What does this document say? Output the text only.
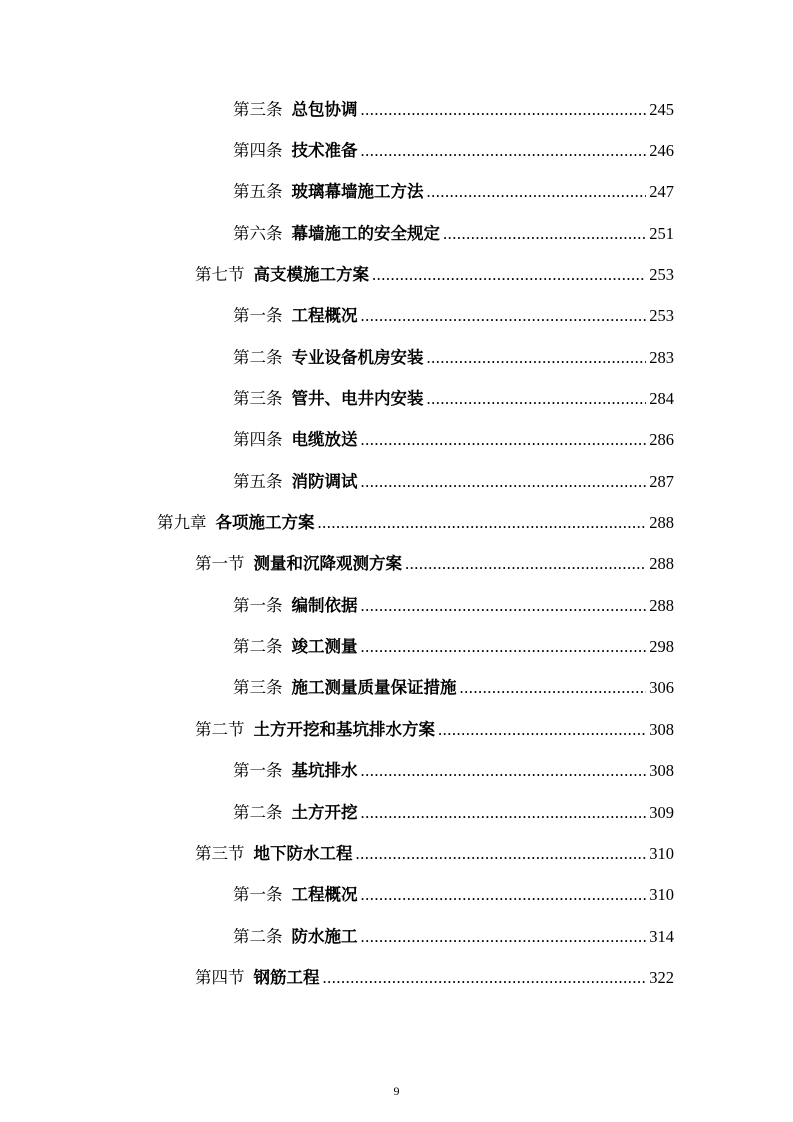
第三条 总包协调 .....	245
第四条 技术准备 .....	246
第五条 玻璃幕墙施工方法 .....	247
第六条 幕墙施工的安全规定 .....	251
第七节 高支模施工方案 .....	253
第一条 工程概况 .....	253
第二条 专业设备机房安装 .....	283
第三条 管井、电井内安装 .....	284
第四条 电缆放送 .....	286
第五条 消防调试 .....	287
第九章 各项施工方案 .....	288
第一节 测量和沉降观测方案 .....	288
第一条 编制依据 .....	288
第二条 竣工测量 .....	298
第三条 施工测量质量保证措施 .....	306
第二节 土方开挖和基坑排水方案 .....	308
第一条 基坑排水 .....	308
第二条 土方开挖 .....	309
第三节 地下防水工程 .....	310
第一条 工程概况 .....	310
第二条 防水施工 .....	314
第四节 钢筋工程 .....	322
9
